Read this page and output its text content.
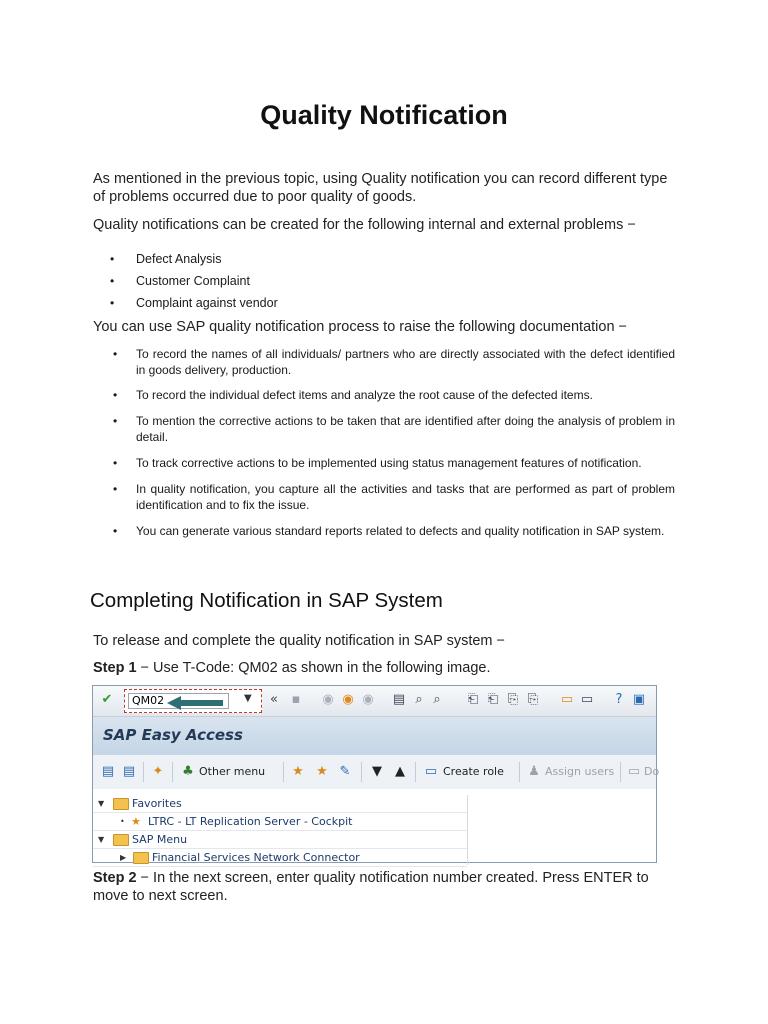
Quality Notification
As mentioned in the previous topic, using Quality notification you can record different type of problems occurred due to poor quality of goods.
Quality notifications can be created for the following internal and external problems −
• Defect Analysis
• Customer Complaint
• Complaint against vendor
You can use SAP quality notification process to raise the following documentation −
• To record the names of all individuals/ partners who are directly associated with the defect identified in goods delivery, production.
• To record the individual defect items and analyze the root cause of the defected items.
• To mention the corrective actions to be taken that are identified after doing the analysis of problem in detail.
• To track corrective actions to be implemented using status management features of notification.
• In quality notification, you capture all the activities and tasks that are performed as part of problem identification and to fix the issue.
• You can generate various standard reports related to defects and quality notification in SAP system.
Completing Notification in SAP System
To release and complete the quality notification in SAP system −
Step 1 − Use T-Code: QM02 as shown in the following image.
✔	QM02	▼	«	▪ ◉ ◉ ◉ ▤ ⌕ ⌕	⎗ ⎗ ⎘ ⎘ ▭ ▭	? ▣
SAP Easy Access
▤ ▤ ✦ ♣ Other menu ★ ★ ✎ ▼ ▲ ▭ Create role ♟ Assign users ▭ Do
▼	Favorites
• ★ LTRC - LT Replication Server - Cockpit
▼	SAP Menu
▶ Financial Services Network Connector
Step 2 − In the next screen, enter quality notification number created. Press ENTER to move to next screen.
